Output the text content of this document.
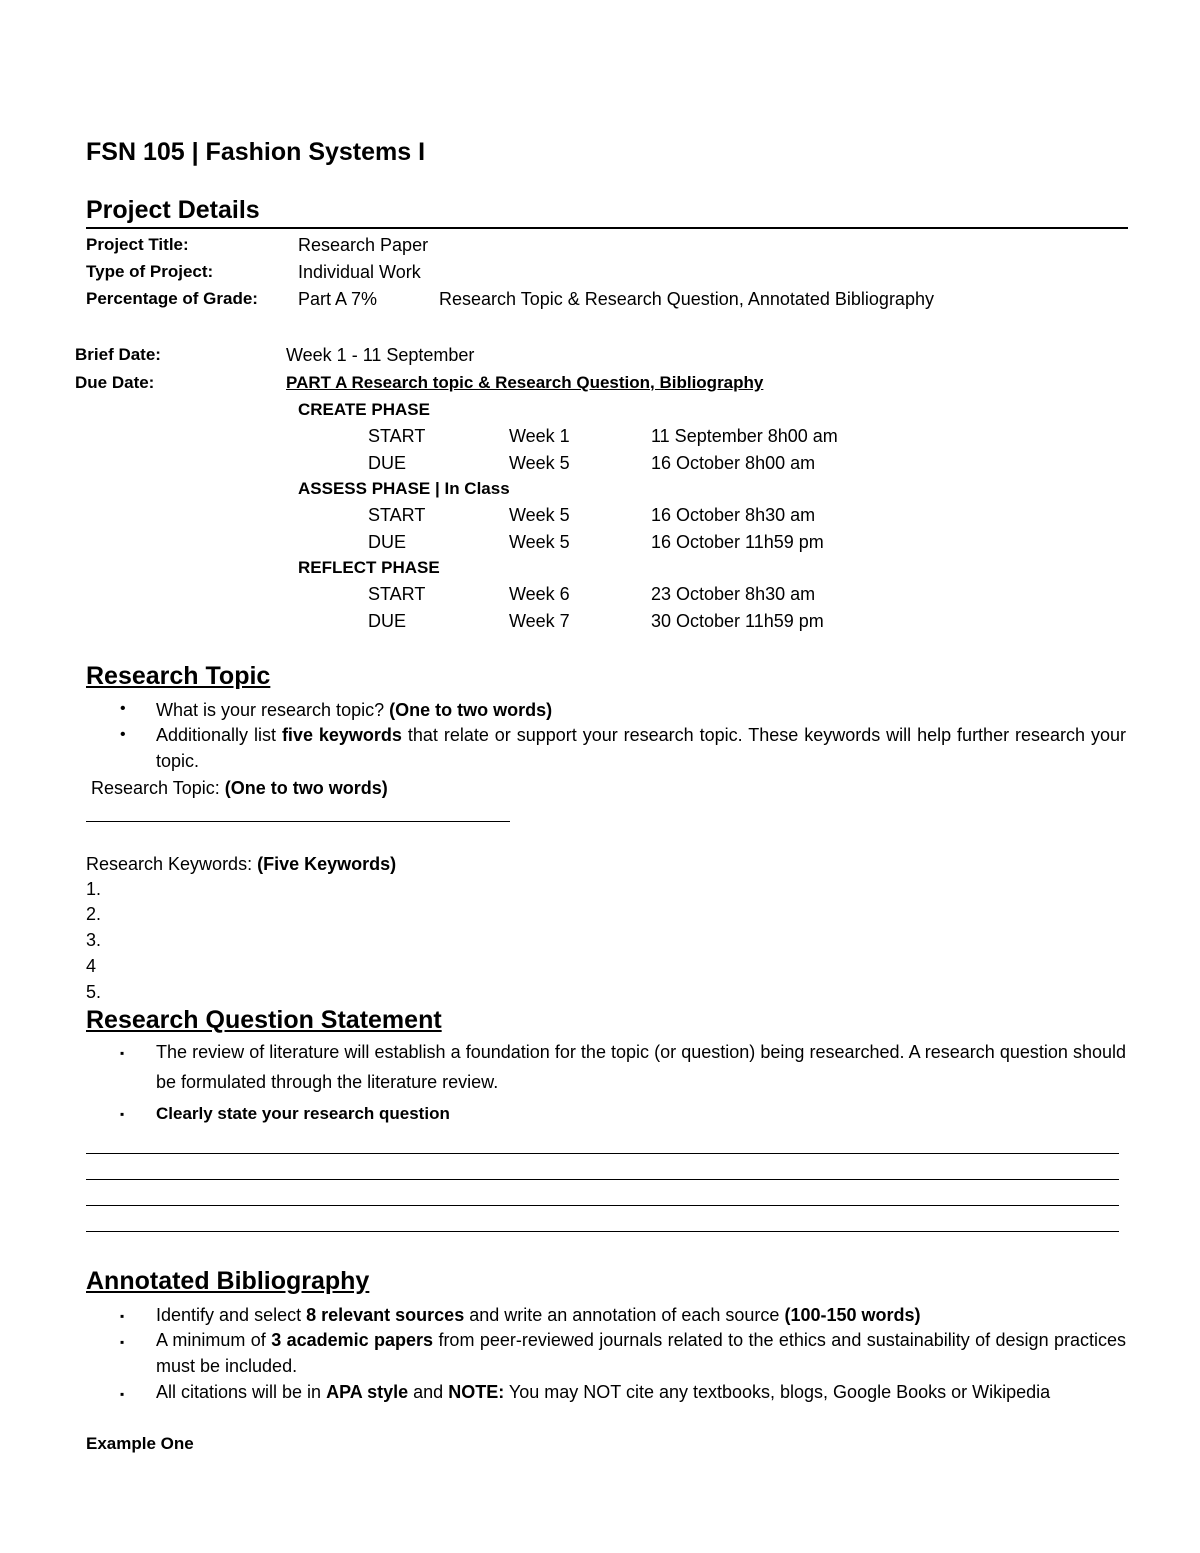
FSN 105 | Fashion Systems I
Project Details
Project Title:	Research Paper
Type of Project:	Individual Work
Percentage of Grade: Part A 7%	Research Topic & Research Question, Annotated Bibliography
Brief Date:	Week 1 - 11 September
Due Date:	PART A Research topic & Research Question, Bibliography
CREATE PHASE
START	Week 1	11 September 8h00 am
DUE	Week 5	16 October 8h00 am
ASSESS PHASE | In Class
START	Week 5	16 October 8h30 am
DUE	Week 5	16 October 11h59 pm
REFLECT PHASE
START	Week 6	23 October 8h30 am
DUE	Week 7	30 October 11h59 pm
Research Topic
• What is your research topic? (One to two words)
• Additionally list five keywords that relate or support your research topic. These keywords will help further research your topic.
Research Topic: (One to two words)
Research Keywords: (Five Keywords)
1.
2.
3.
4
5.
Research Question Statement
▪ The review of literature will establish a foundation for the topic (or question) being researched. A research question should be formulated through the literature review.
▪ Clearly state your research question
Annotated Bibliography
▪ Identify and select 8 relevant sources and write an annotation of each source (100-150 words)
▪ A minimum of 3 academic papers from peer-reviewed journals related to the ethics and sustainability of design practices must be included.
▪ All citations will be in APA style and NOTE: You may NOT cite any textbooks, blogs, Google Books or Wikipedia
Example One
